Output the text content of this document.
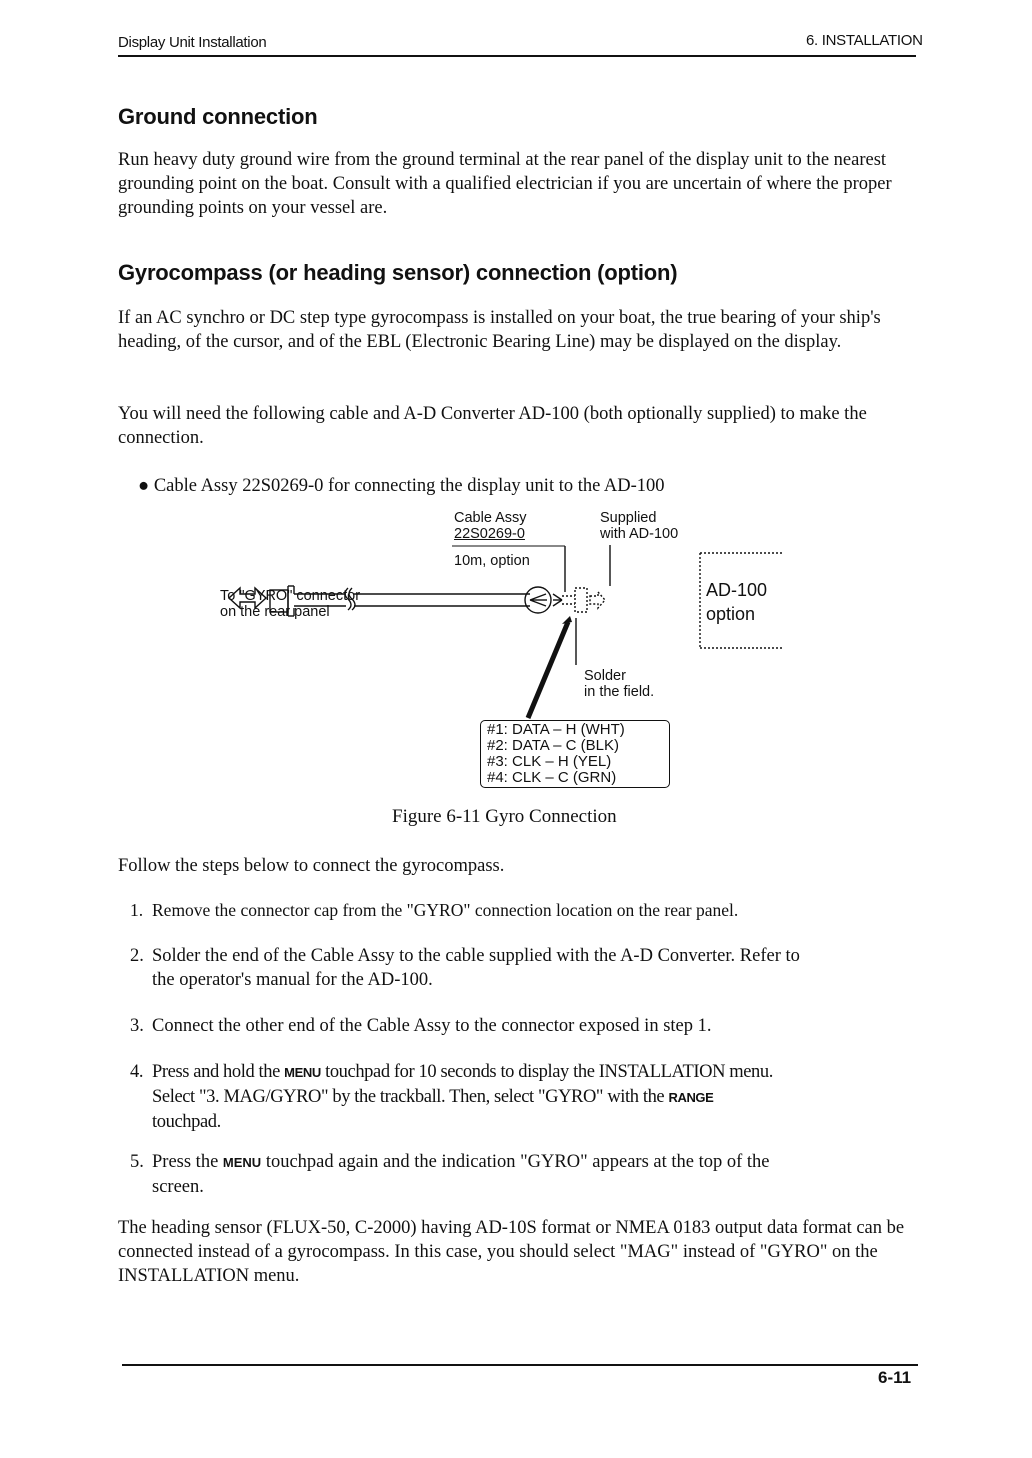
Display Unit Installation	6. INSTALLATION
Ground connection

Run heavy duty ground wire from the ground terminal at the rear panel of the display unit to the nearest grounding point on the boat. Consult with a qualified electrician if you are uncertain of where the proper grounding points on your vessel are.

Gyrocompass (or heading sensor) connection (option)

If an AC synchro or DC step type gyrocompass is installed on your boat, the true bearing of your ship's heading, of the cursor, and of the EBL (Electronic Bearing Line) may be displayed on the display.

You will need the following cable and A-D Converter AD-100 (both optionally supplied) to make the connection.

● Cable Assy 22S0269-0 for connecting the display unit to the AD-100
Cable Assy
22S0269-0
Supplied
with AD-100
10m, option
To "GYRO" connector
on the rear panel
AD-100
option
Solder
in the field.
#1: DATA – H (WHT)
#2: DATA – C (BLK)
#3: CLK – H (YEL)
#4: CLK – C (GRN)
Figure 6-11 Gyro Connection

Follow the steps below to connect the gyrocompass.

1. Remove the connector cap from the "GYRO" connection location on the rear panel.
2. Solder the end of the Cable Assy to the cable supplied with the A-D Converter. Refer to
the operator's manual for the AD-100.
3. Connect the other end of the Cable Assy to the connector exposed in step 1.
4. Press and hold the MENU touchpad for 10 seconds to display the INSTALLATION menu.
Select "3. MAG/GYRO" by the trackball. Then, select "GYRO" with the RANGE
touchpad.
5. Press the MENU touchpad again and the indication "GYRO" appears at the top of the
screen.

The heading sensor (FLUX-50, C-2000) having AD-10S format or NMEA 0183 output data format can be connected instead of a gyrocompass. In this case, you should select "MAG" instead of "GYRO" on the INSTALLATION menu.

6-11
